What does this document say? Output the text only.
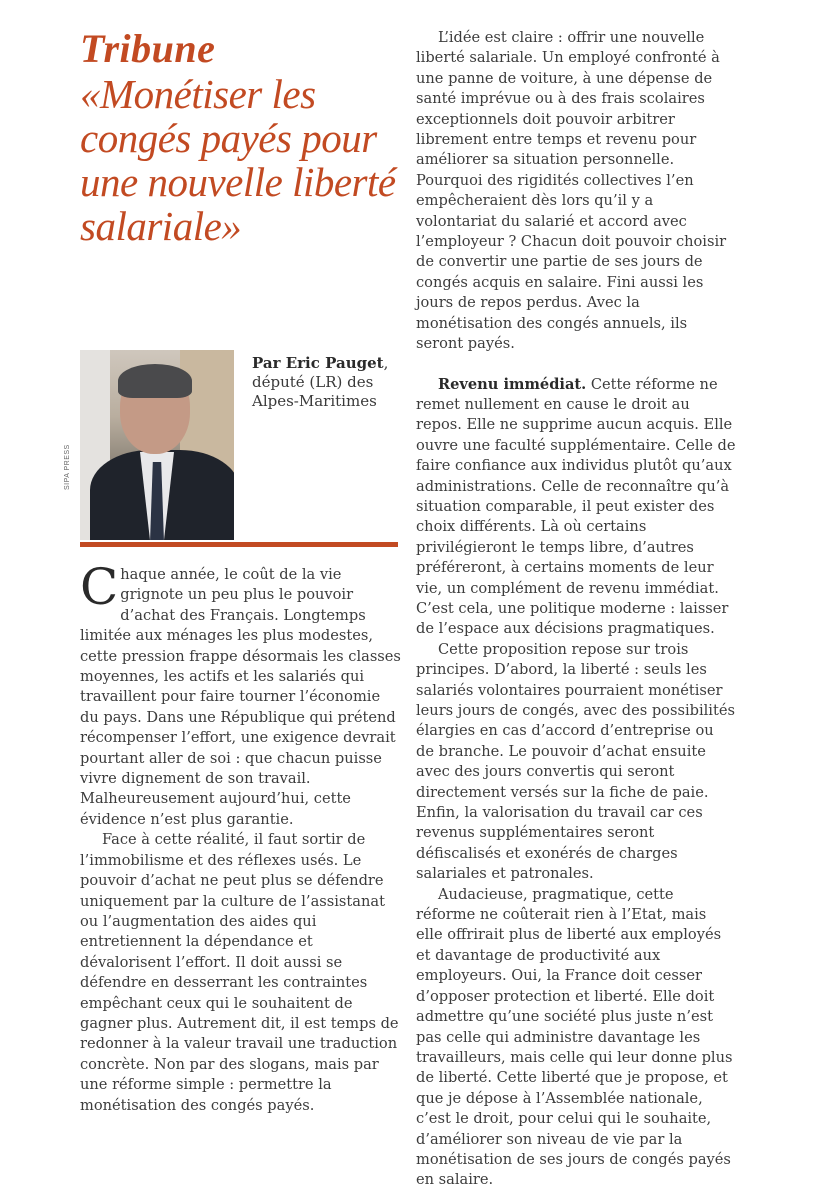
Tribune
«Monétiser les congés payés pour une nouvelle liberté salariale»
SIPA PRESS
Par Eric Pauget,
député (LR) des
Alpes-Maritimes

Chaque année, le coût de la vie grignote un peu plus le pouvoir d’achat des Français. Longtemps limitée aux ménages les plus modestes, cette pression frappe désormais les classes moyennes, les actifs et les salariés qui travaillent pour faire tourner l’économie du pays. Dans une République qui prétend récompenser l’effort, une exigence devrait pourtant aller de soi : que chacun puisse vivre dignement de son travail. Malheureusement aujourd’hui, cette évidence n’est plus garantie.

Face à cette réalité, il faut sortir de l’immobilisme et des réflexes usés. Le pouvoir d’achat ne peut plus se défendre uniquement par la culture de l’assistanat ou l’augmentation des aides qui entretiennent la dépendance et dévalorisent l’effort. Il doit aussi se défendre en desserrant les contraintes empêchant ceux qui le souhaitent de gagner plus. Autrement dit, il est temps de redonner à la valeur travail une traduction concrète. Non par des slogans, mais par une réforme simple : permettre la monétisation des congés payés.

L’idée est claire : offrir une nouvelle liberté salariale. Un employé confronté à une panne de voiture, à une dépense de santé imprévue ou à des frais scolaires exceptionnels doit pouvoir arbitrer librement entre temps et revenu pour améliorer sa situation personnelle. Pourquoi des rigidités collectives l’en empêcheraient dès lors qu’il y a volontariat du salarié et accord avec l’employeur ? Chacun doit pouvoir choisir de convertir une partie de ses jours de congés acquis en salaire. Fini aussi les jours de repos perdus. Avec la monétisation des congés annuels, ils seront payés.

Revenu immédiat. Cette réforme ne remet nullement en cause le droit au repos. Elle ne supprime aucun acquis. Elle ouvre une faculté supplémentaire. Celle de faire confiance aux individus plutôt qu’aux administrations. Celle de reconnaître qu’à situation comparable, il peut exister des choix différents. Là où certains privilégieront le temps libre, d’autres préféreront, à certains moments de leur vie, un complément de revenu immédiat. C’est cela, une politique moderne : laisser de l’espace aux décisions pragmatiques.

Cette proposition repose sur trois principes. D’abord, la liberté : seuls les salariés volontaires pourraient monétiser leurs jours de congés, avec des possibilités élargies en cas d’accord d’entreprise ou de branche. Le pouvoir d’achat ensuite avec des jours convertis qui seront directement versés sur la fiche de paie. Enfin, la valorisation du travail car ces revenus supplémentaires seront défiscalisés et exonérés de charges salariales et patronales.

Audacieuse, pragmatique, cette réforme ne coûterait rien à l’Etat, mais elle offrirait plus de liberté aux employés et davantage de productivité aux employeurs. Oui, la France doit cesser d’opposer protection et liberté. Elle doit admettre qu’une société plus juste n’est pas celle qui administre davantage les travailleurs, mais celle qui leur donne plus de liberté. Cette liberté que je propose, et que je dépose à l’Assemblée nationale, c’est le droit, pour celui qui le souhaite, d’améliorer son niveau de vie par la monétisation de ses jours de congés payés en salaire.
